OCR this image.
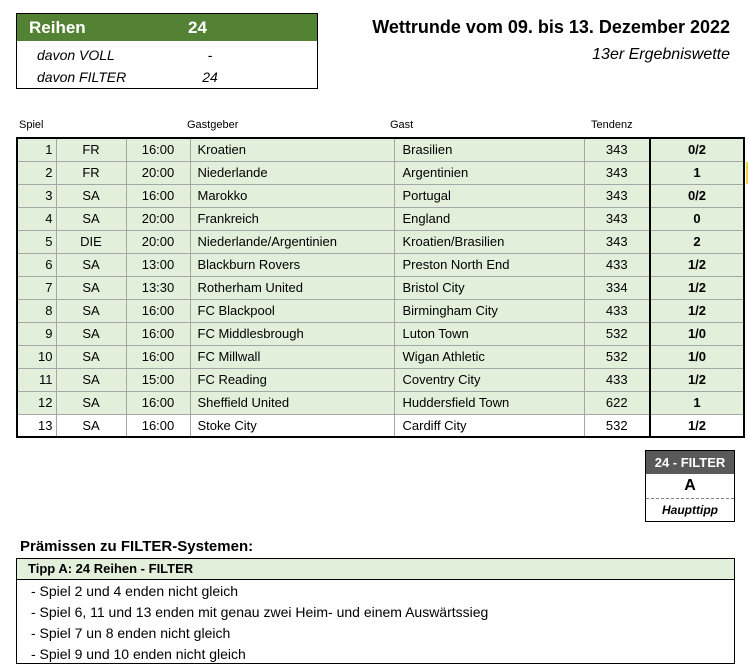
Reihen	24
davon VOLL	-
davon FILTER	24
Wettrunde vom 09. bis 13. Dezember 2022
13er Ergebniswette
Spiel	Gastgeber	Gast	Tendenz
1	FR	16:00	Kroatien	Brasilien	343	0/2
2	FR	20:00	Niederlande	Argentinien	343	1
3	SA	16:00	Marokko	Portugal	343	0/2
4	SA	20:00	Frankreich	England	343	0
5	DIE	20:00	Niederlande/Argentinien	Kroatien/Brasilien	343	2
6	SA	13:00	Blackburn Rovers	Preston North End	433	1/2
7	SA	13:30	Rotherham United	Bristol City	334	1/2
8	SA	16:00	FC Blackpool	Birmingham City	433	1/2
9	SA	16:00	FC Middlesbrough	Luton Town	532	1/0
10	SA	16:00	FC Millwall	Wigan Athletic	532	1/0
11	SA	15:00	FC Reading	Coventry City	433	1/2
12	SA	16:00	Sheffield United	Huddersfield Town	622	1
13	SA	16:00	Stoke City	Cardiff City	532	1/2
24 - FILTER
A
Haupttipp
Prämissen zu FILTER-Systemen:
Tipp A: 24 Reihen - FILTER
- Spiel 2 und 4 enden nicht gleich
- Spiel 6, 11 und 13 enden mit genau zwei Heim- und einem Auswärtssieg
- Spiel 7 un 8 enden nicht gleich
- Spiel 9 und 10 enden nicht gleich
